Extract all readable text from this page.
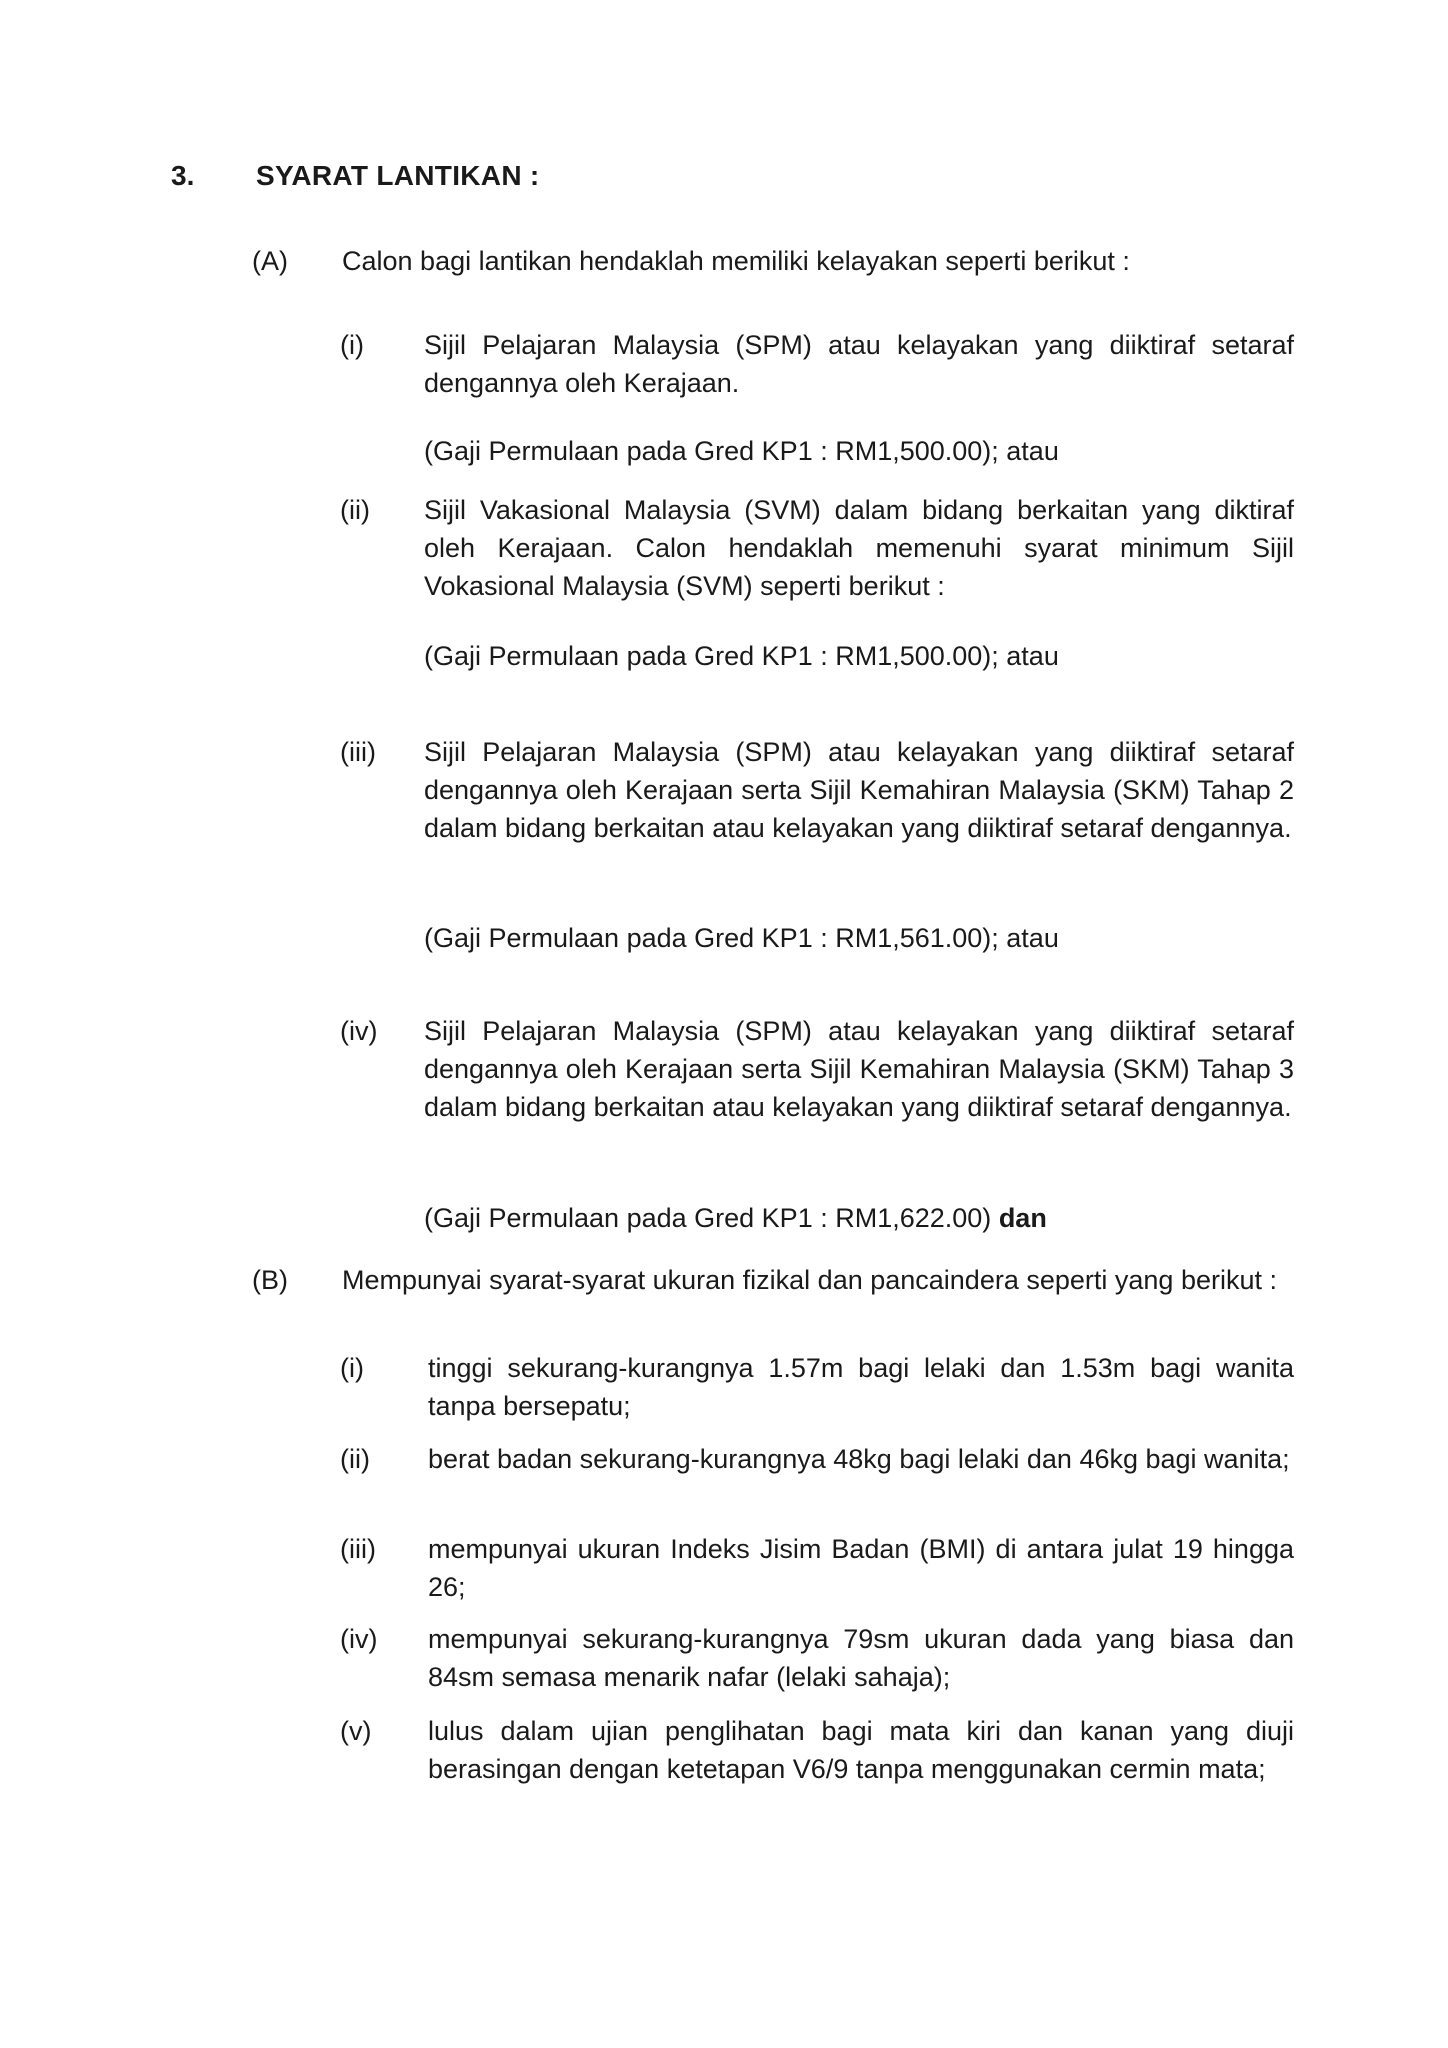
3. SYARAT LANTIKAN :
(A) Calon bagi lantikan hendaklah memiliki kelayakan seperti berikut :
(i) Sijil Pelajaran Malaysia (SPM) atau kelayakan yang diiktiraf setaraf dengannya oleh Kerajaan.
(Gaji Permulaan pada Gred KP1 : RM1,500.00); atau
(ii) Sijil Vakasional Malaysia (SVM) dalam bidang berkaitan yang diktiraf oleh Kerajaan. Calon hendaklah memenuhi syarat minimum Sijil Vokasional Malaysia (SVM) seperti berikut :
(Gaji Permulaan pada Gred KP1 : RM1,500.00); atau
(iii) Sijil Pelajaran Malaysia (SPM) atau kelayakan yang diiktiraf setaraf dengannya oleh Kerajaan serta Sijil Kemahiran Malaysia (SKM) Tahap 2 dalam bidang berkaitan atau kelayakan yang diiktiraf setaraf dengannya.
(Gaji Permulaan pada Gred KP1 : RM1,561.00); atau
(iv) Sijil Pelajaran Malaysia (SPM) atau kelayakan yang diiktiraf setaraf dengannya oleh Kerajaan serta Sijil Kemahiran Malaysia (SKM) Tahap 3 dalam bidang berkaitan atau kelayakan yang diiktiraf setaraf dengannya.
(Gaji Permulaan pada Gred KP1 : RM1,622.00) dan
(B) Mempunyai syarat-syarat ukuran fizikal dan pancaindera seperti yang berikut :
(i) tinggi sekurang-kurangnya 1.57m bagi lelaki dan 1.53m bagi wanita tanpa bersepatu;
(ii) berat badan sekurang-kurangnya 48kg bagi lelaki dan 46kg bagi wanita;
(iii) mempunyai ukuran Indeks Jisim Badan (BMI) di antara julat 19 hingga 26;
(iv) mempunyai sekurang-kurangnya 79sm ukuran dada yang biasa dan 84sm semasa menarik nafar (lelaki sahaja);
(v) lulus dalam ujian penglihatan bagi mata kiri dan kanan yang diuji berasingan dengan ketetapan V6/9 tanpa menggunakan cermin mata;
